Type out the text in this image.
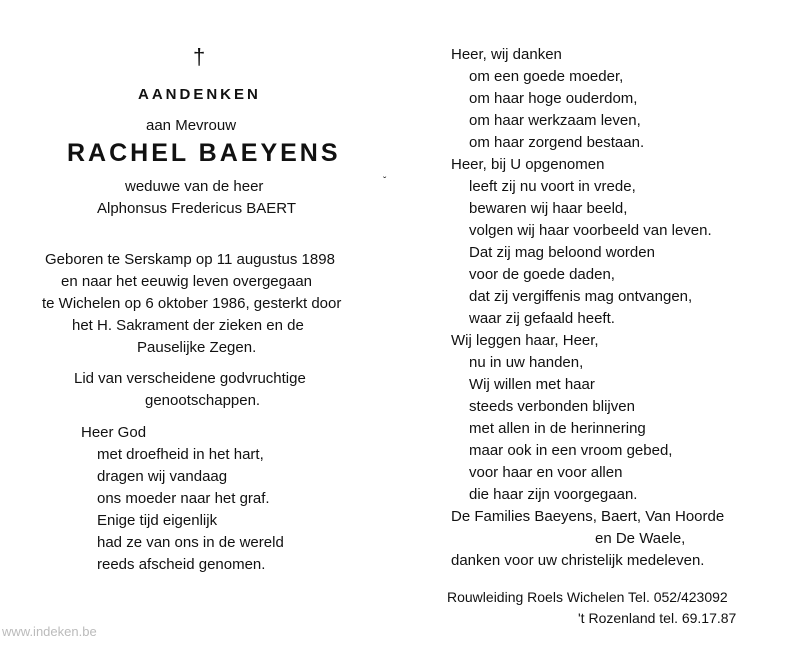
†
AANDENKEN
aan Mevrouw
RACHEL BAEYENS
weduwe van de heer
Alphonsus Fredericus BAERT
Geboren te Serskamp op 11 augustus 1898
en naar het eeuwig leven overgegaan
te Wichelen op 6 oktober 1986, gesterkt door
het H. Sakrament der zieken en de
Pauselijke Zegen.
Lid van verscheidene godvruchtige
genootschappen.
Heer God
met droefheid in het hart,
dragen wij vandaag
ons moeder naar het graf.
Enige tijd eigenlijk
had ze van ons in de wereld
reeds afscheid genomen.
ˇ
Heer, wij danken
om een goede moeder,
om haar hoge ouderdom,
om haar werkzaam leven,
om haar zorgend bestaan.
Heer, bij U opgenomen
leeft zij nu voort in vrede,
bewaren wij haar beeld,
volgen wij haar voorbeeld van leven.
Dat zij mag beloond worden
voor de goede daden,
dat zij vergiffenis mag ontvangen,
waar zij gefaald heeft.
Wij leggen haar, Heer,
nu in uw handen,
Wij willen met haar
steeds verbonden blijven
met allen in de herinnering
maar ook in een vroom gebed,
voor haar en voor allen
die haar zijn voorgegaan.
De Families Baeyens, Baert, Van Hoorde
en De Waele,
danken voor uw christelijk medeleven.
Rouwleiding Roels Wichelen Tel. 052/423092
't Rozenland tel. 69.17.87
www.indeken.be
